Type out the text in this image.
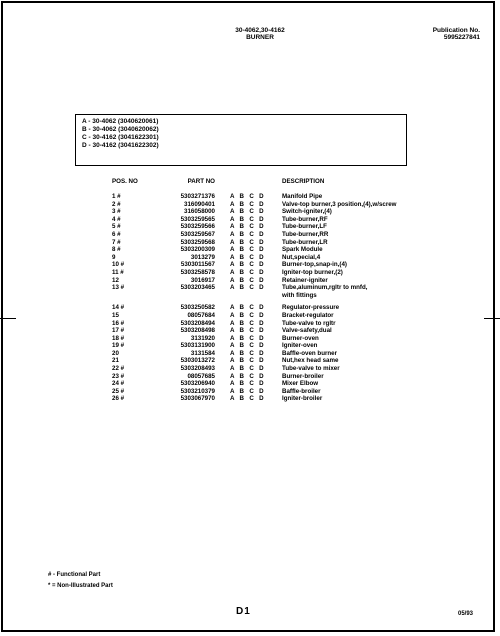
30-4062,30-4162
BURNER
Publication No.
5995227841
A - 30-4062 (3040620061)
B - 30-4062 (3040620062)
C - 30-4162 (3041622301)
D - 30-4162 (3041622302)
POS. NO	PART NO	DESCRIPTION
1 #	5303271376 A B C D	Manifold Pipe
2 #	316090401 A B C D	Valve-top burner,3 position,(4),w/screw
3 #	316058000 A B C D	Switch-igniter,(4)
4 #	5303259565 A B C D	Tube-burner,RF
5 #	5303259566 A B C D	Tube-burner,LF
6 #	5303259567 A B C D	Tube-burner,RR
7 #	5303259568 A B C D	Tube-burner,LR
8 #	5303200309 A B C D	Spark Module
9	3013279 A B C D	Nut,special,4
10 #	5303011567 A B C D	Burner-top,snap-in,(4)
11 #	5303258578 A B C D	Igniter-top burner,(2)
12	3016917 A B C D	Retainer-igniter
13 #	5303203465 A B C D	Tube,aluminum,rgltr to mnfd,
with fittings
14 #	5303250582 A B C D	Regulator-pressure
15	08057684 A B C D	Bracket-regulator
16 #	5303208494 A B C D	Tube-valve to rgltr
17 #	5303208498 A B C D	Valve-safety,dual
18 #	3131920 A B C D	Burner-oven
19 #	5303131900 A B C D	Igniter-oven
20	3131584 A B C D	Baffle-oven burner
21	5303013272 A B C D	Nut,hex head same
22 #	5303208493 A B C D	Tube-valve to mixer
23 #	08057685 A B C D	Burner-broiler
24 #	5303206940 A B C D	Mixer Elbow
25 #	5303210379 A B C D	Baffle-broiler
26 #	5303067970 A B C D	Igniter-broiler
# - Functional Part
* = Non-Illustrated Part
D1	05/93
